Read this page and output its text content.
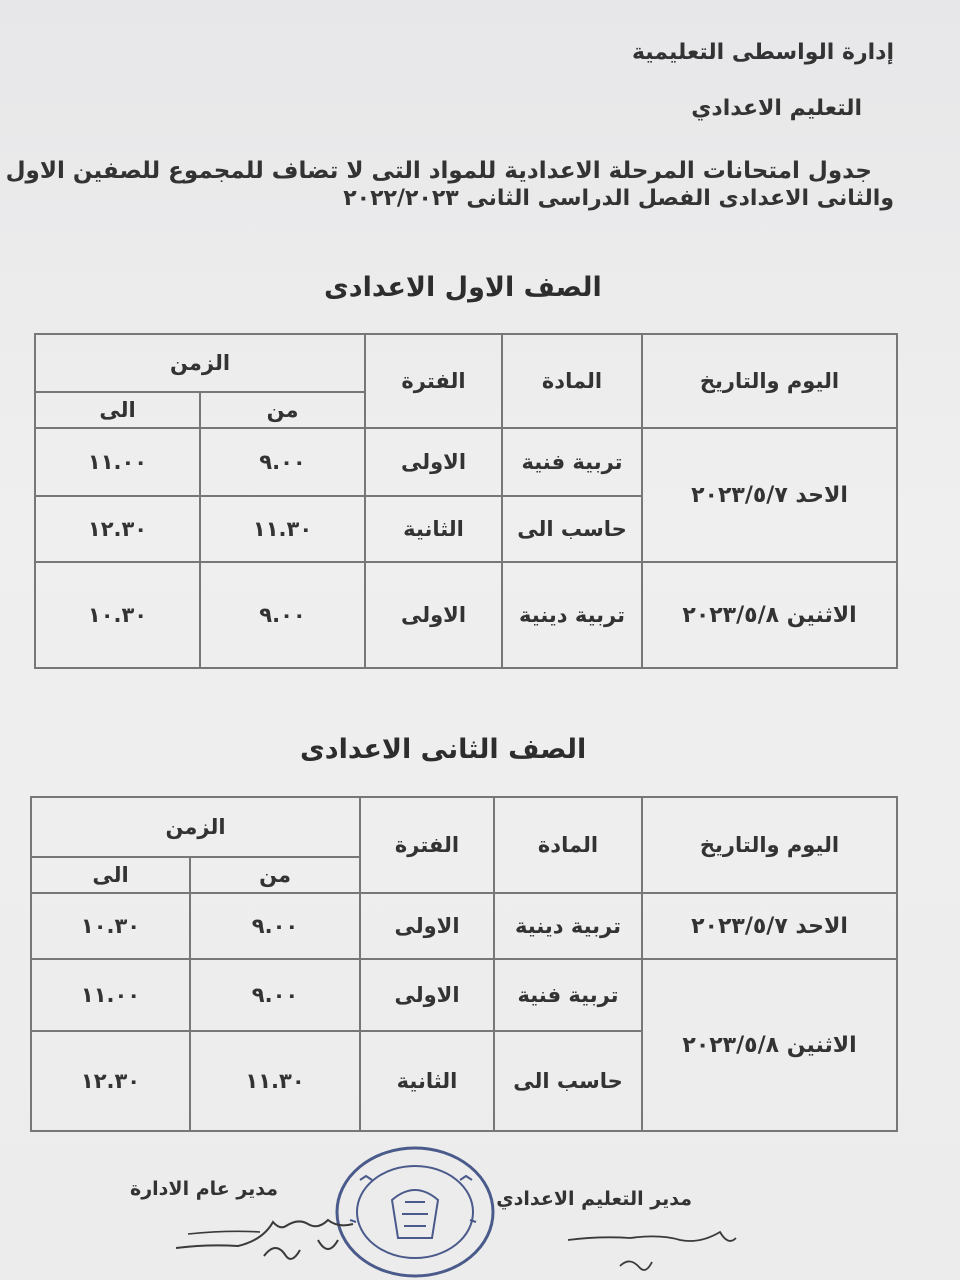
إدارة الواسطى التعليمية
التعليم الاعدادي
جدول امتحانات المرحلة الاعدادية للمواد التى لا تضاف للمجموع للصفين الاول
والثانى الاعدادى الفصل الدراسى الثانى ٢٠٢٢/٢٠٢٣
الصف الاول الاعدادى
اليوم والتاريخ	المادة	الفترة	الزمن	
			من	الى
الاحد ٢٠٢٣/٥/٧	تربية فنية	الاولى	٩.٠٠	١١.٠٠
	حاسب الى	الثانية	١١.٣٠	١٢.٣٠
الاثنين ٢٠٢٣/٥/٨	تربية دينية	الاولى	٩.٠٠	١٠.٣٠
الصف الثانى الاعدادى
اليوم والتاريخ	المادة	الفترة	الزمن	
			من	الى
الاحد ٢٠٢٣/٥/٧	تربية دينية	الاولى	٩.٠٠	١٠.٣٠
الاثنين ٢٠٢٣/٥/٨	تربية فنية	الاولى	٩.٠٠	١١.٠٠
	حاسب الى	الثانية	١١.٣٠	١٢.٣٠
مدير التعليم الاعدادي
مدير عام الادارة
